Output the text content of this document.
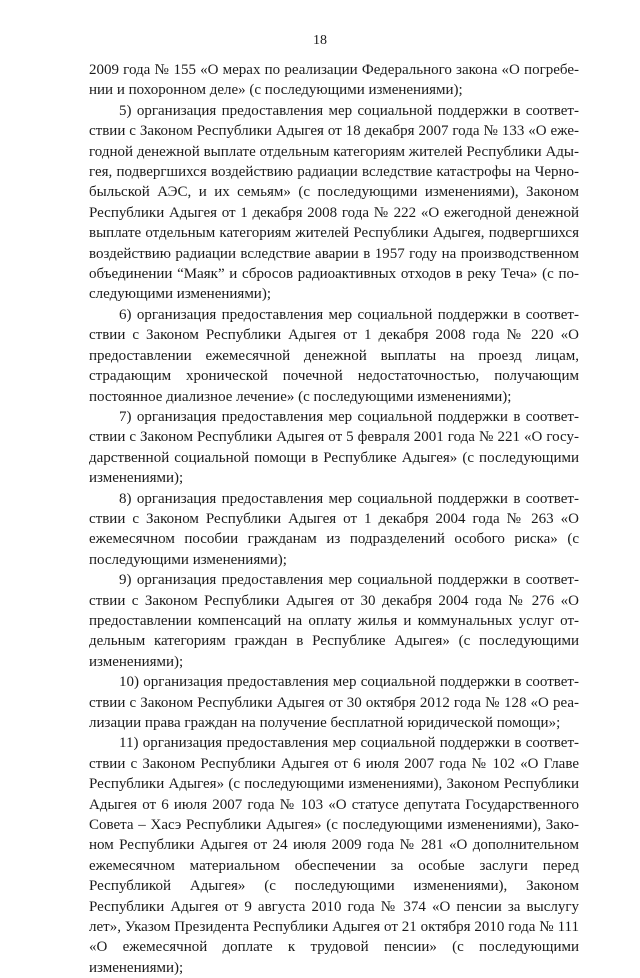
18

2009 года № 155 «О мерах по реализации Федерального закона «О погребении и похоронном деле» (с последующими изменениями);

5) организация предоставления мер социальной поддержки в соответствии с Законом Республики Адыгея от 18 декабря 2007 года № 133 «О ежегодной денежной выплате отдельным категориям жителей Республики Адыгея, подвергшихся воздействию радиации вследствие катастрофы на Чернобыльской АЭС, и их семьям» (с последующими изменениями), Законом Республики Адыгея от 1 декабря 2008 года № 222 «О ежегодной денежной выплате отдельным категориям жителей Республики Адыгея, подвергшихся воздействию радиации вследствие аварии в 1957 году на производственном объединении “Маяк” и сбросов радиоактивных отходов в реку Теча» (с последующими изменениями);

6) организация предоставления мер социальной поддержки в соответствии с Законом Республики Адыгея от 1 декабря 2008 года № 220 «О предоставлении ежемесячной денежной выплаты на проезд лицам, страдающим хронической почечной недостаточностью, получающим постоянное диализное лечение» (с последующими изменениями);

7) организация предоставления мер социальной поддержки в соответствии с Законом Республики Адыгея от 5 февраля 2001 года № 221 «О государственной социальной помощи в Республике Адыгея» (с последующими изменениями);

8) организация предоставления мер социальной поддержки в соответствии с Законом Республики Адыгея от 1 декабря 2004 года № 263 «О ежемесячном пособии гражданам из подразделений особого риска» (с последующими изменениями);

9) организация предоставления мер социальной поддержки в соответствии с Законом Республики Адыгея от 30 декабря 2004 года № 276 «О предоставлении компенсаций на оплату жилья и коммунальных услуг отдельным категориям граждан в Республике Адыгея» (с последующими изменениями);

10) организация предоставления мер социальной поддержки в соответствии с Законом Республики Адыгея от 30 октября 2012 года № 128 «О реализации права граждан на получение бесплатной юридической помощи»;

11) организация предоставления мер социальной поддержки в соответствии с Законом Республики Адыгея от 6 июля 2007 года № 102 «О Главе Республики Адыгея» (с последующими изменениями), Законом Республики Адыгея от 6 июля 2007 года № 103 «О статусе депутата Государственного Совета – Хасэ Республики Адыгея» (с последующими изменениями), Законом Республики Адыгея от 24 июля 2009 года № 281 «О дополнительном ежемесячном материальном обеспечении за особые заслуги перед Республикой Адыгея» (с последующими изменениями), Законом Республики Адыгея от 9 августа 2010 года № 374 «О пенсии за выслугу лет», Указом Президента Республики Адыгея от 21 октября 2010 года № 111 «О ежемесячной доплате к трудовой пенсии» (с последующими изменениями);
